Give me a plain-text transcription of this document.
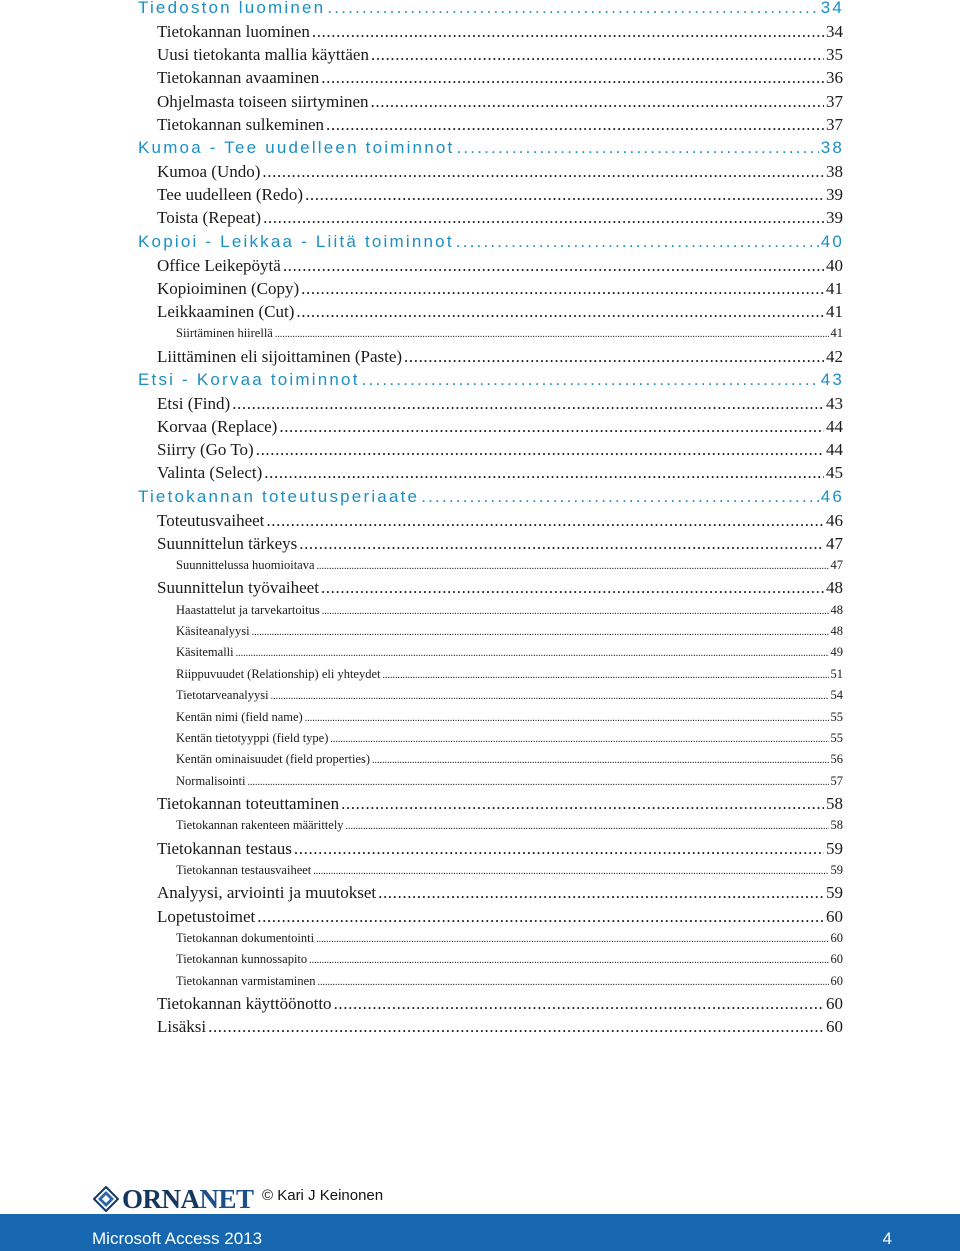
Tiedoston luominen .....	34
Tietokannan luominen .....	34
Uusi tietokanta mallia käyttäen .....	35
Tietokannan avaaminen .....	36
Ohjelmasta toiseen siirtyminen .....	37
Tietokannan sulkeminen .....	37
Kumoa - Tee uudelleen toiminnot .....	38
Kumoa (Undo) .....	38
Tee uudelleen (Redo) .....	39
Toista (Repeat) .....	39
Kopioi - Leikkaa - Liitä toiminnot .....	40
Office Leikepöytä .....	40
Kopioiminen (Copy) .....	41
Leikkaaminen (Cut) .....	41
Siirtäminen hiirellä .....	41
Liittäminen eli sijoittaminen (Paste) .....	42
Etsi - Korvaa toiminnot .....	43
Etsi (Find) .....	43
Korvaa (Replace) .....	44
Siirry (Go To) .....	44
Valinta (Select) .....	45
Tietokannan toteutusperiaate .....	46
Toteutusvaiheet .....	46
Suunnittelun tärkeys .....	47
Suunnittelussa huomioitava .....	47
Suunnittelun työvaiheet .....	48
Haastattelut ja tarvekartoitus .....	48
Käsiteanalyysi .....	48
Käsitemalli .....	49
Riippuvuudet (Relationship) eli yhteydet .....	51
Tietotarveanalyysi .....	54
Kentän nimi (field name) .....	55
Kentän tietotyyppi (field type) .....	55
Kentän ominaisuudet (field properties) .....	56
Normalisointi .....	57
Tietokannan toteuttaminen .....	58
Tietokannan rakenteen määrittely .....	58
Tietokannan testaus .....	59
Tietokannan testausvaiheet .....	59
Analyysi, arviointi ja muutokset .....	59
Lopetustoimet .....	60
Tietokannan dokumentointi .....	60
Tietokannan kunnossapito .....	60
Tietokannan varmistaminen .....	60
Tietokannan käyttöönotto .....	60
Lisäksi .....	60
ORNANET © Kari J Keinonen
Microsoft Access 2013	4
